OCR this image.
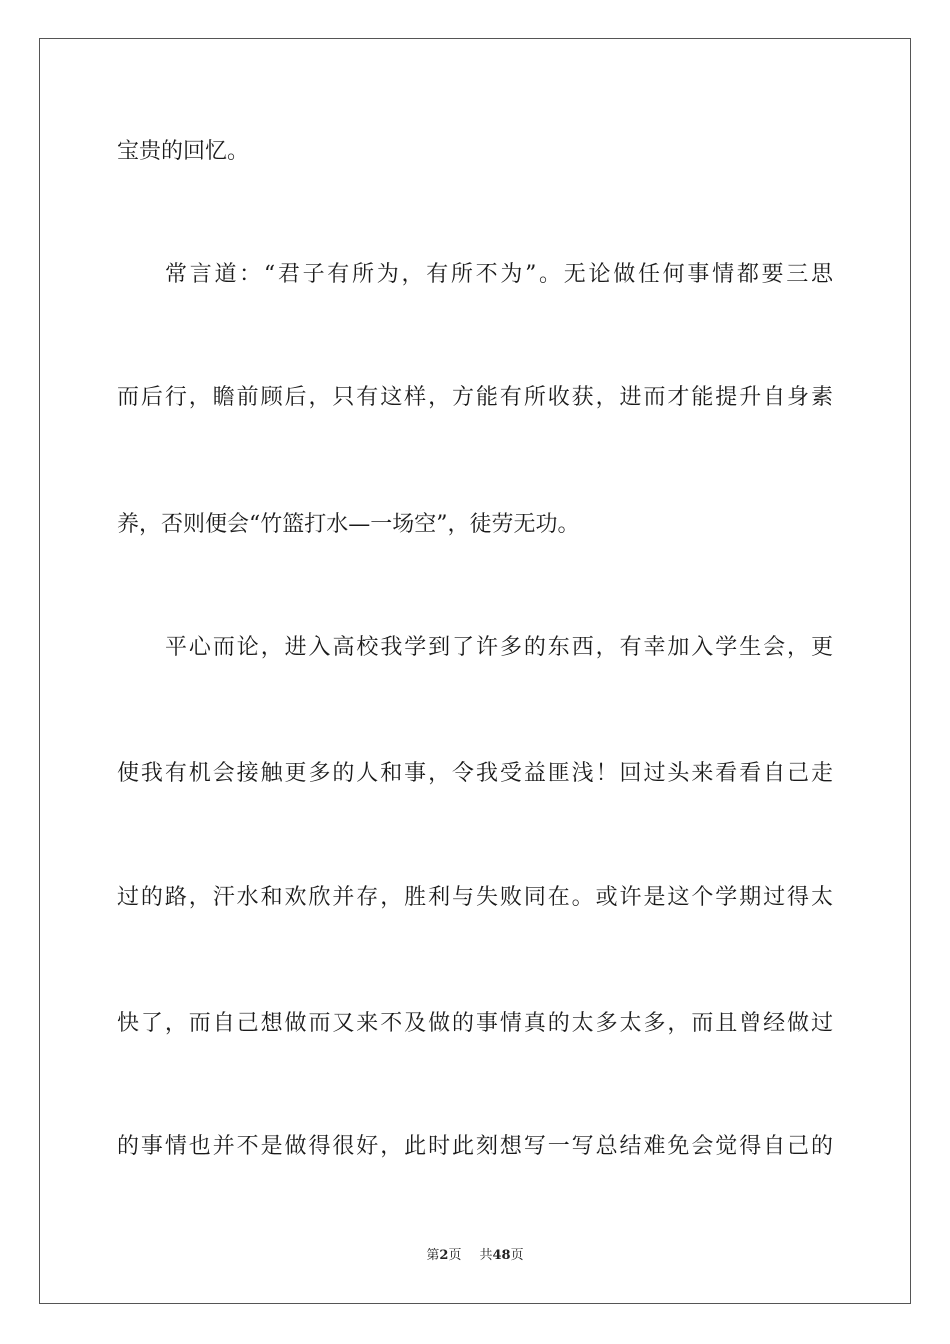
宝贵的回忆。
常言道：“君子有所为，有所不为”。无论做任何事情都要三思
而后行，瞻前顾后，只有这样，方能有所收获，进而才能提升自身素
养，否则便会“竹篮打水—一场空”，徒劳无功。
平心而论，进入高校我学到了许多的东西，有幸加入学生会，更
使我有机会接触更多的人和事，令我受益匪浅！回过头来看看自己走
过的路，汗水和欢欣并存，胜利与失败同在。或许是这个学期过得太
快了，而自己想做而又来不及做的事情真的太多太多，而且曾经做过
的事情也并不是做得很好，此时此刻想写一写总结难免会觉得自己的
第2页 共48页
